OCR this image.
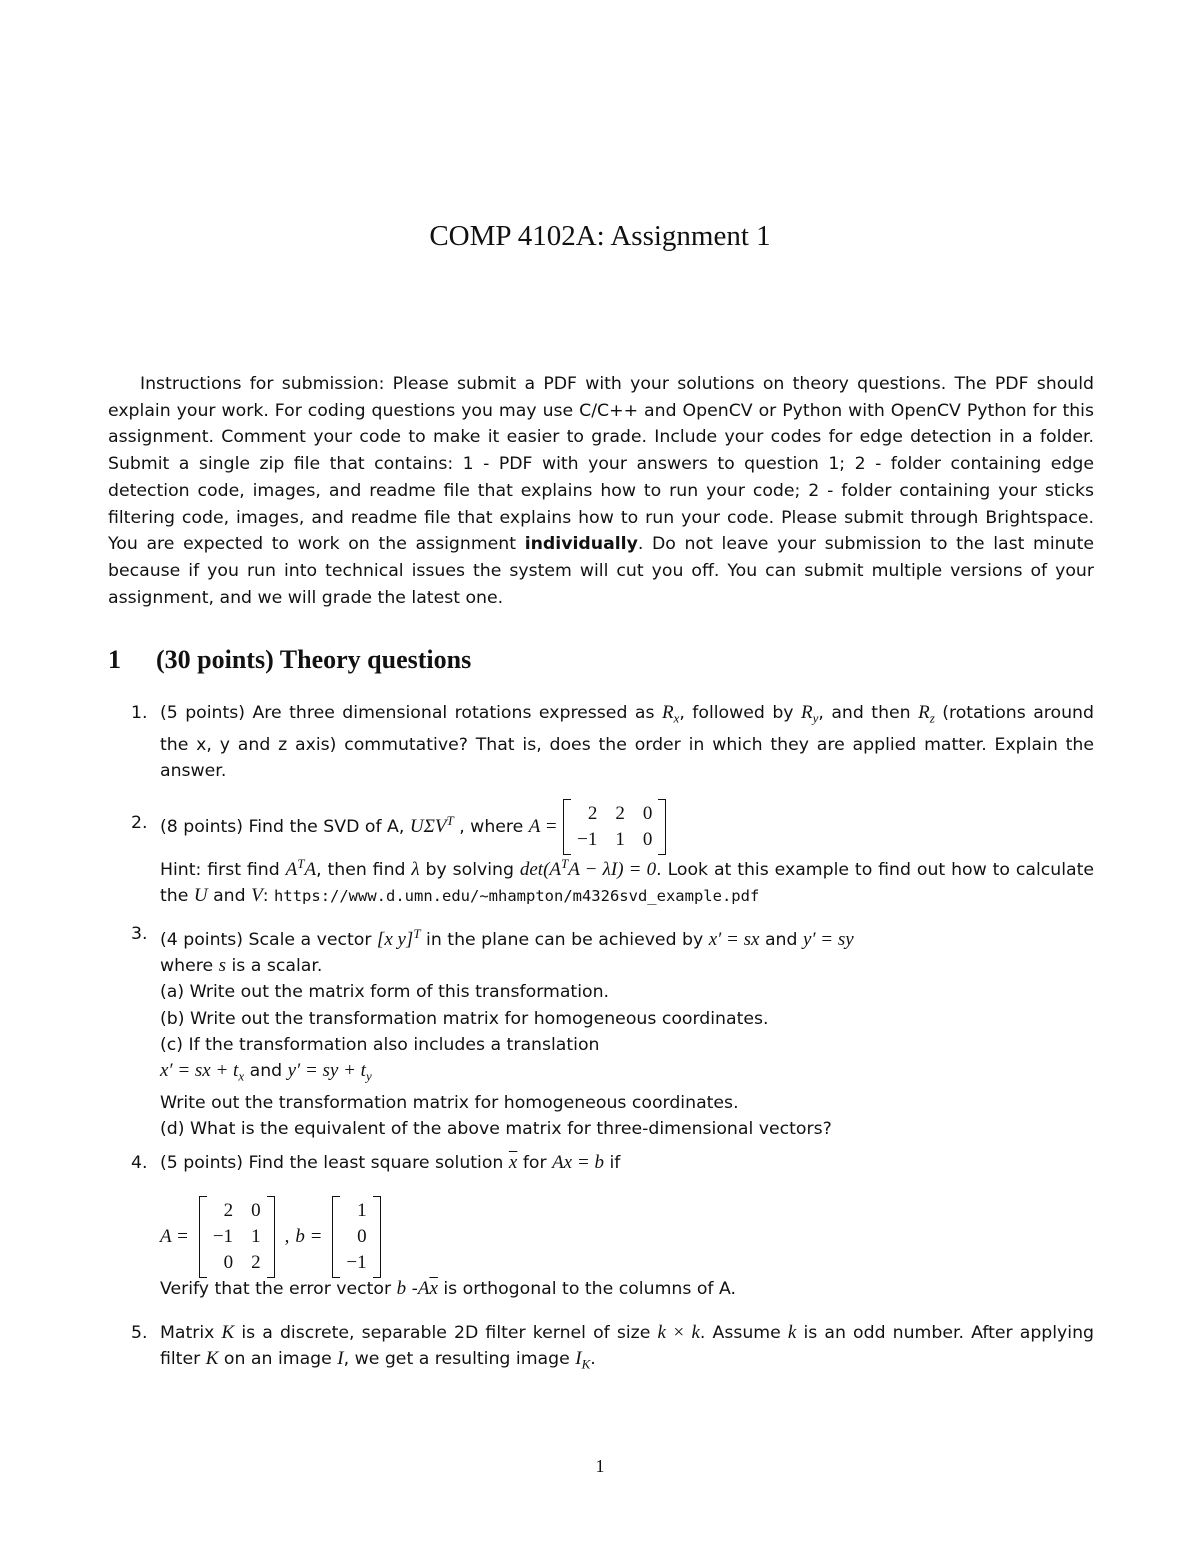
COMP 4102A: Assignment 1
Instructions for submission: Please submit a PDF with your solutions on theory questions. The PDF should explain your work. For coding questions you may use C/C++ and OpenCV or Python with OpenCV Python for this assignment. Comment your code to make it easier to grade. Include your codes for edge detection in a folder. Submit a single zip file that contains: 1 - PDF with your answers to question 1; 2 - folder containing edge detection code, images, and readme file that explains how to run your code; 2 - folder containing your sticks filtering code, images, and readme file that explains how to run your code. Please submit through Brightspace. You are expected to work on the assignment individually. Do not leave your submission to the last minute because if you run into technical issues the system will cut you off. You can submit multiple versions of your assignment, and we will grade the latest one.
1 (30 points) Theory questions
1. (5 points) Are three dimensional rotations expressed as $R_x$, followed by $R_y$, and then $R_z$ (rotations around the x, y and z axis) commutative? That is, does the order in which they are applied matter. Explain the answer.
2. (8 points) Find the SVD of A, $U\Sigma V^T$ , where A =
2 2 0
−1 1 0
Hint: first find $A^TA$, then find λ by solving $\det(A^TA - \lambda I) = 0$. Look at this example to find out how to calculate the U and V: https://www.d.umn.edu/~mhampton/m4326svd_example.pdf
3. (4 points) Scale a vector [x y]$^T$ in the plane can be achieved by x′ = sx and y′ = sy
where s is a scalar.
(a) Write out the matrix form of this transformation.
(b) Write out the transformation matrix for homogeneous coordinates.
(c) If the transformation also includes a translation
x′ = sx + $t_x$ and y′ = sy + $t_y$
Write out the transformation matrix for homogeneous coordinates.
(d) What is the equivalent of the above matrix for three-dimensional vectors?
4. (5 points) Find the least square solution $\overline{x}$ for Ax = b if
A =
2 0
−1 1
0 2
, b =
1
0
−1
Verify that the error vector b $-A\overline{x}$ is orthogonal to the columns of A.
5. Matrix K is a discrete, separable 2D filter kernel of size k × k. Assume k is an odd number. After applying filter K on an image I, we get a resulting image $I_K$.
1
